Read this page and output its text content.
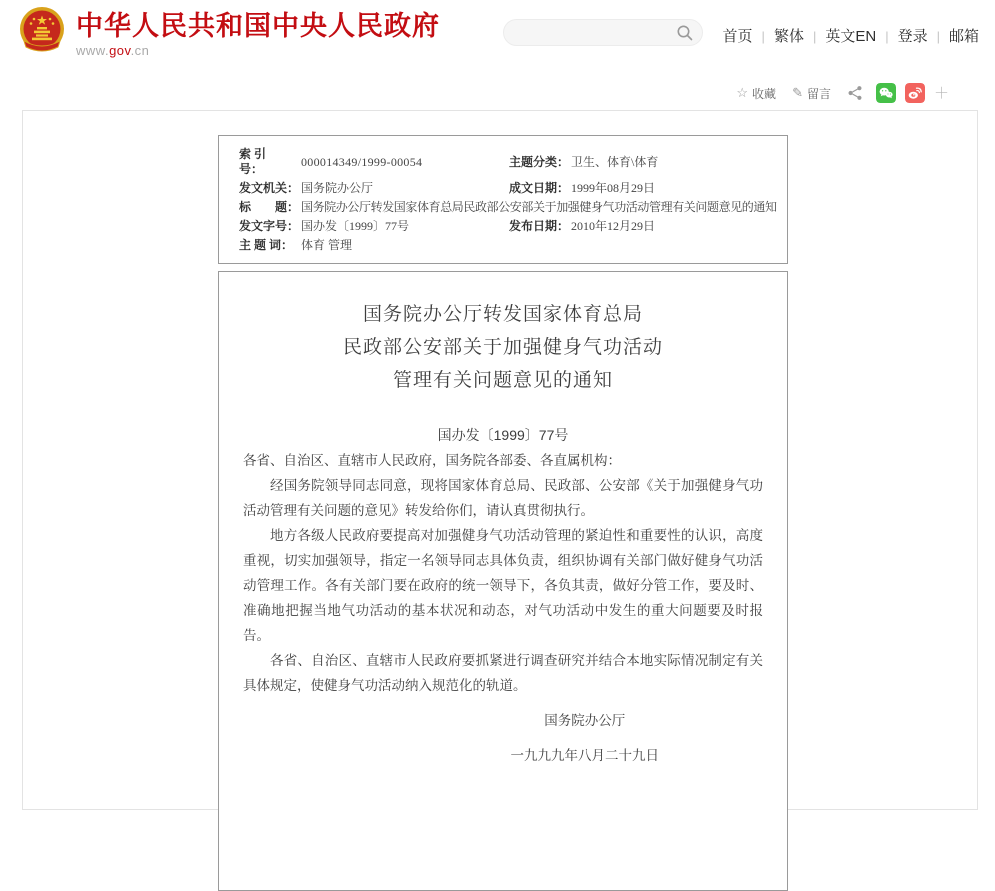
中华人民共和国中央人民政府
www.gov.cn
首页 | 繁体 | 英文EN | 登录 | 邮箱
☆ 收藏 ✎ 留言	＋
索 引 号：
000014349/1999-00054	主题分类： 卫生、体育\体育
发文机关： 国务院办公厅	成文日期： 1999年08月29日
标　　题： 国务院办公厅转发国家体育总局民政部公安部关于加强健身气功活动管理有关问题意见的通知
发文字号： 国办发〔1999〕77号	发布日期： 2010年12月29日
主 题 词： 体育 管理
国务院办公厅转发国家体育总局
民政部公安部关于加强健身气功活动
管理有关问题意见的通知
国办发〔1999〕77号

各省、自治区、直辖市人民政府，国务院各部委、各直属机构：

经国务院领导同志同意，现将国家体育总局、民政部、公安部《关于加强健身气功活动管理有关问题的意见》转发给你们，请认真贯彻执行。

地方各级人民政府要提高对加强健身气功活动管理的紧迫性和重要性的认识，高度重视，切实加强领导，指定一名领导同志具体负责，组织协调有关部门做好健身气功活动管理工作。各有关部门要在政府的统一领导下，各负其责，做好分管工作，要及时、准确地把握当地气功活动的基本状况和动态，对气功活动中发生的重大问题要及时报告。

各省、自治区、直辖市人民政府要抓紧进行调查研究并结合本地实际情况制定有关具体规定，使健身气功活动纳入规范化的轨道。

国务院办公厅
一九九九年八月二十九日
